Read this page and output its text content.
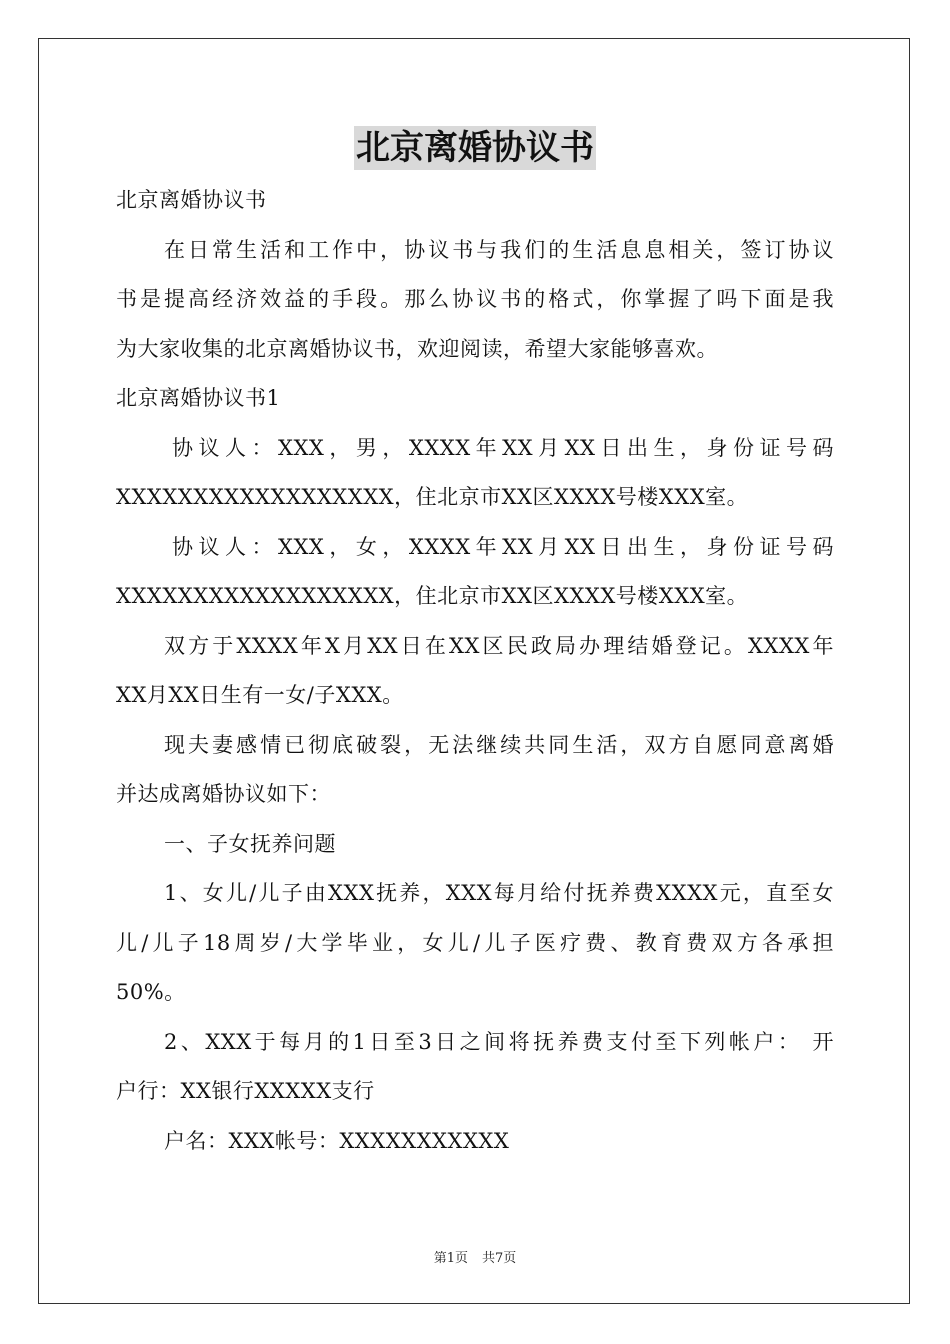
北京离婚协议书
北京离婚协议书
在日常生活和工作中，协议书与我们的生活息息相关，签订协议
书是提高经济效益的手段。那么协议书的格式，你掌握了吗下面是我
为大家收集的北京离婚协议书，欢迎阅读，希望大家能够喜欢。
北京离婚协议书1
协议人：XXX，男，XXXX年XX月XX日出生，身份证号码
XXXXXXXXXXXXXXXXXX，住北京市XX区XXXX号楼XXX室。
协议人：XXX，女，XXXX年XX月XX日出生，身份证号码
XXXXXXXXXXXXXXXXXX，住北京市XX区XXXX号楼XXX室。
双方于XXXX年X月XX日在XX区民政局办理结婚登记。XXXX年
XX月XX日生有一女/子XXX。
现夫妻感情已彻底破裂，无法继续共同生活，双方自愿同意离婚
并达成离婚协议如下：
一、子女抚养问题
1、女儿/儿子由XXX抚养，XXX每月给付抚养费XXXX元，直至女
儿/儿子18周岁/大学毕业，女儿/儿子医疗费、教育费双方各承担
50%。
2、XXX于每月的1日至3日之间将抚养费支付至下列帐户： 开
户行：XX银行XXXXX支行
户名：XXX帐号：XXXXXXXXXXX
第1页 共7页
